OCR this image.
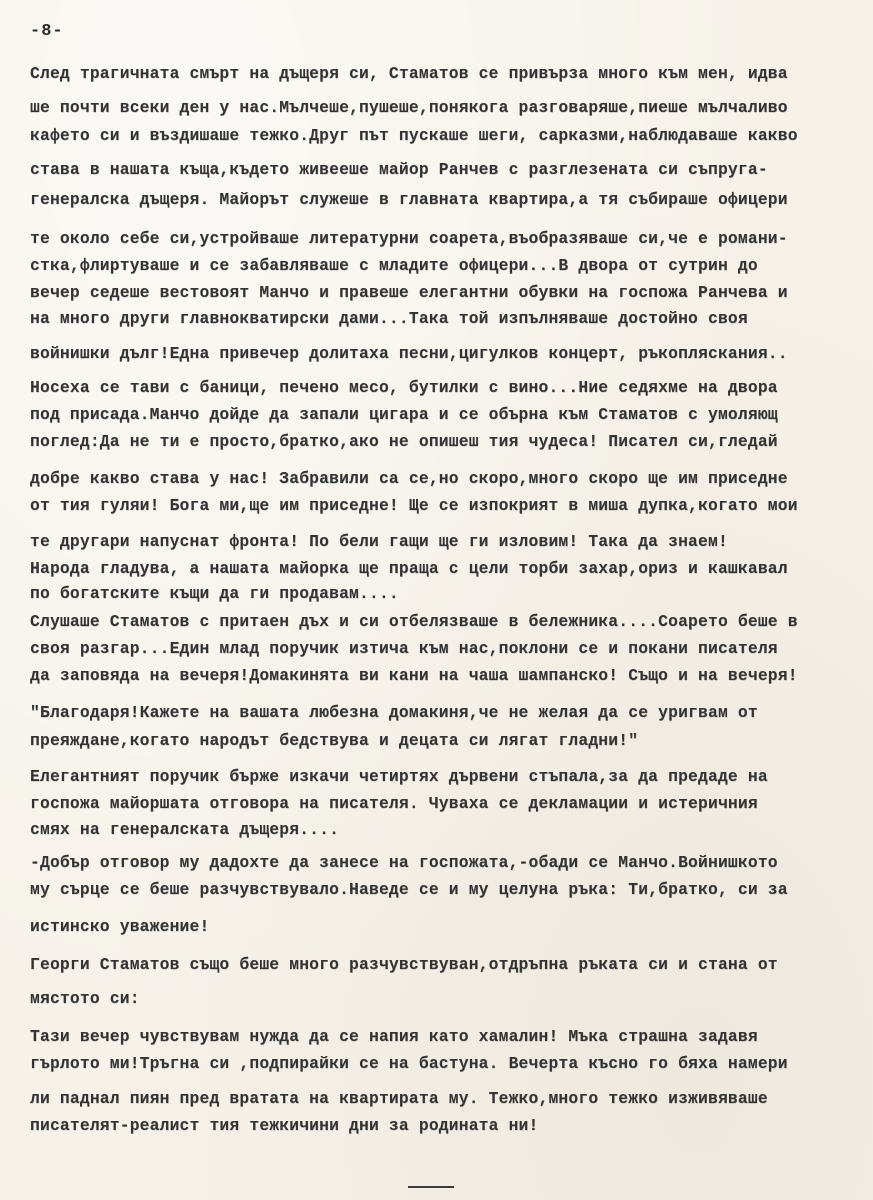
-8-
След трагичната смърт на дъщеря си, Стаматов се привърза много към мен, идва
ше почти всеки ден у нас.Мълчеше,пушеше,понякога разговаряше,пиеше мълчаливо
кафето си и въздишаше тежко.Друг път пускаше шеги, сарказми,наблюдаваше какво
става в нашата къща,където живееше майор Ранчев с разглезената си съпруга-
генералска дъщеря. Майорът служеше в главната квартира,а тя събираше офицери
те около себе си,устройваше литературни соарета,въобразяваше си,че е романи-
стка,флиртуваше и се забавляваше с младите офицери...В двора от сутрин до
вечер седеше вестовоят Манчо и правеше елегантни обувки на госпожа Ранчева и
на много други главнокватирски дами...Така той изпълняваше достойно своя
войнишки дълг!Една привечер долитаха песни,цигулков концерт, ръкопляскания..
Носеха се тави с баници, печено месо, бутилки с вино...Ние седяхме на двора
под присада.Манчо дойде да запали цигара и се обърна към Стаматов с умоляющ
поглед:Да не ти е просто,братко,ако не опишеш тия чудеса! Писател си,гледай
добре какво става у нас! Забравили са се,но скоро,много скоро ще им приседне
от тия гуляи! Бога ми,ще им приседне! Ще се изпокрият в миша дупка,когато мои
те другари напуснат фронта! По бели гащи ще ги изловим! Така да знаем!
Народа гладува, а нашата майорка ще праща с цели торби захар,ориз и кашкавал
по богатските къщи да ги продавам....
Слушаше Стаматов с притаен дъх и си отбелязваше в бележника....Соарето беше в
своя разгар...Един млад поручик изтича към нас,поклони се и покани писателя
да заповяда на вечеря!Домакинята ви кани на чаша шампанско! Също и на вечеря!
"Благодаря!Кажете на вашата любезна домакиня,че не желая да се уригвам от
преяждане,когато народът бедствува и децата си лягат гладни!"
Елегантният поручик бърже изкачи четиртях дървени стъпала,за да предаде на
госпожа майоршата отговора на писателя. Чуваха се декламации и истеричния
смях на генералската дъщеря....
-Добър отговор му дадохте да занесе на госпожата,-обади се Манчо.Войнишкото
му сърце се беше разчувствувало.Наведе се и му целуна ръка: Ти,братко, си за
истинско уважение!
Георги Стаматов също беше много разчувствуван,отдръпна ръката си и стана от
мястото си:
Тази вечер чувствувам нужда да се напия като хамалин! Мъка страшна задавя
гърлото ми!Тръгна си ,подпирайки се на бастуна. Вечерта късно го бяха намери
ли паднал пиян пред вратата на квартирата му. Тежко,много тежко изживяваше
писателят-реалист тия тежкичини дни за родината ни!
